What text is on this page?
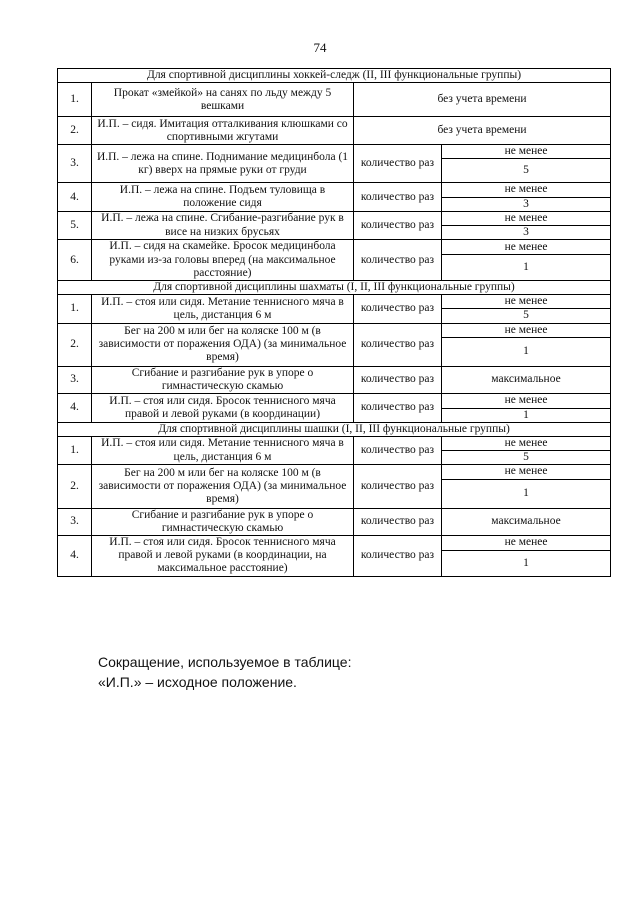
74
Для спортивной дисциплины хоккей-следж (II, III функциональные группы)			
1.	Прокат «змейкой» на санях по льду между 5 вешками	без учета времени	
2.	И.П. – сидя. Имитация отталкивания клюшками со спортивными жгутами	без учета времени	
3.	И.П. – лежа на спине. Поднимание медицинбола (1 кг) вверх на прямые руки от груди	количество раз	не менее
			5
4.	И.П. – лежа на спине. Подъем туловища в положение сидя	количество раз	не менее
			3
5.	И.П. – лежа на спине. Сгибание-разгибание рук в висе на низких брусьях	количество раз	не менее
			3
6.	И.П. – сидя на скамейке. Бросок медицинбола руками из-за головы вперед (на максимальное расстояние)	количество раз	не менее
			1
Для спортивной дисциплины шахматы (I, II, III функциональные группы)			
1.	И.П. – стоя или сидя. Метание теннисного мяча в цель, дистанция 6 м	количество раз	не менее
			5
2.	Бег на 200 м или бег на коляске 100 м (в зависимости от поражения ОДА) (за минимальное время)	количество раз	не менее
			1
3.	Сгибание и разгибание рук в упоре о гимнастическую скамью	количество раз	максимальное
4.	И.П. – стоя или сидя. Бросок теннисного мяча правой и левой руками (в координации)	количество раз	не менее
			1
Для спортивной дисциплины шашки (I, II, III функциональные группы)			
1.	И.П. – стоя или сидя. Метание теннисного мяча в цель, дистанция 6 м	количество раз	не менее
			5
2.	Бег на 200 м или бег на коляске 100 м (в зависимости от поражения ОДА) (за минимальное время)	количество раз	не менее
			1
3.	Сгибание и разгибание рук в упоре о гимнастическую скамью	количество раз	максимальное
4.	И.П. – стоя или сидя. Бросок теннисного мяча правой и левой руками (в координации, на максимальное расстояние)	количество раз	не менее
			1
Сокращение, используемое в таблице:
«И.П.» – исходное положение.
